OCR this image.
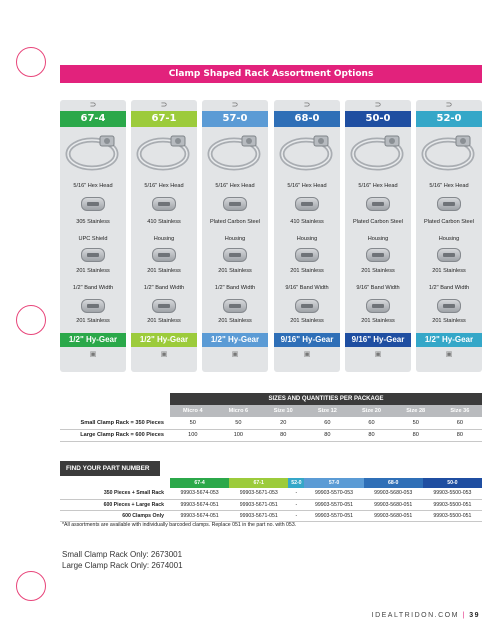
Clamp Shaped Rack Assortment Options
⊃
67-4
5/16" Hex Head
305 Stainless
UPC Shield
201 Stainless
1/2" Band Width
201 Stainless
1/2" Hy-Gear
▣
⊃
67-1
5/16" Hex Head
410 Stainless
Housing
201 Stainless
1/2" Band Width
201 Stainless
1/2" Hy-Gear
▣
⊃
57-0
5/16" Hex Head
Plated Carbon Steel
Housing
201 Stainless
1/2" Band Width
201 Stainless
1/2" Hy-Gear
▣
⊃
68-0
5/16" Hex Head
410 Stainless
Housing
201 Stainless
9/16" Band Width
201 Stainless
9/16" Hy-Gear
▣
⊃
50-0
5/16" Hex Head
Plated Carbon Steel
Housing
201 Stainless
9/16" Band Width
201 Stainless
9/16" Hy-Gear
▣
⊃
52-0
5/16" Hex Head
Plated Carbon Steel
Housing
201 Stainless
1/2" Band Width
201 Stainless
1/2" Hy-Gear
▣
	SIZES AND QUANTITIES PER PACKAGE						
	Micro 4	Micro 6	Size 10	Size 12	Size 20	Size 28	Size 36
Small Clamp Rack = 350 Pieces	50	50	20	60	60	50	60
Large Clamp Rack = 600 Pieces	100	100	80	80	80	80	80
FIND YOUR PART NUMBER
	67-4	67-1	52-0	57-0	68-0	50-0
350 Pieces + Small Rack	99903-5674-053	99903-5671-053	-	99903-5570-053	99903-5680-053	99903-5500-053
600 Pieces + Large Rack	99903-5674-051	99903-5671-051	-	99903-5570-051	99903-5680-051	99903-5500-051
600 Clamps Only	99903-5674-051	99903-5671-051	-	99903-5570-051	99903-5680-051	99903-5500-051
*All assortments are available with individually barcoded clamps. Replace 051 in the part no. with 053.
Small Clamp Rack Only: 2673001
Large Clamp Rack Only: 2674001
IDEALTRIDON.COM | 39
